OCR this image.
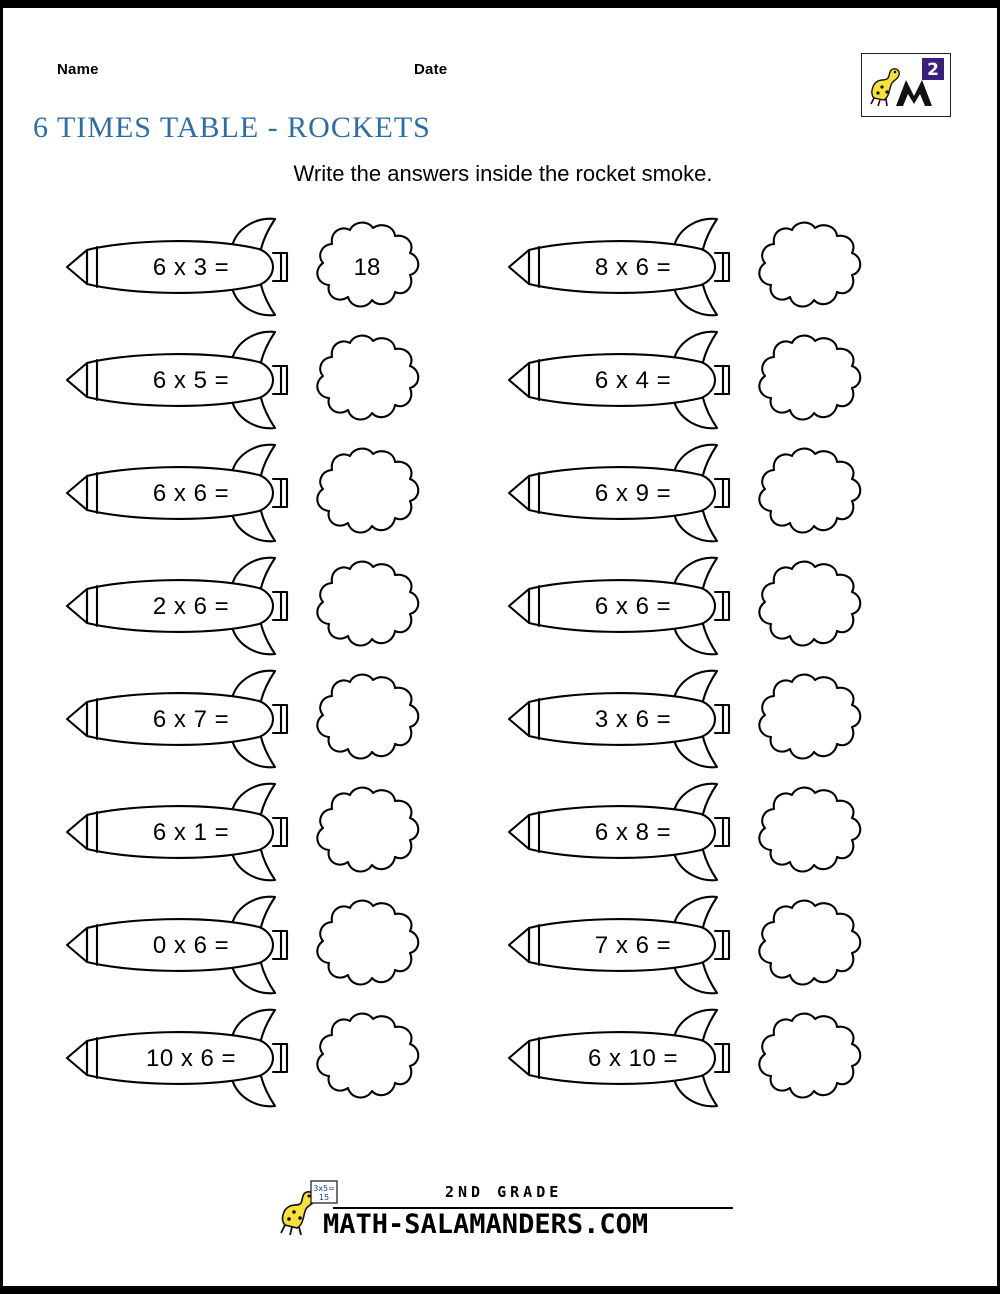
Name	Date	2
6 TIMES TABLE - ROCKETS
Write the answers inside the rocket smoke.
6 x 3 =	18
6 x 5 =
6 x 6 =
2 x 6 =
6 x 7 =
6 x 1 =
0 x 6 =
10 x 6 =
8 x 6 =
6 x 4 =
6 x 9 =
6 x 6 =
3 x 6 =
6 x 8 =
7 x 6 =
6 x 10 =
3x5=
15	2ND GRADE
MATH-SALAMANDERS.COM
